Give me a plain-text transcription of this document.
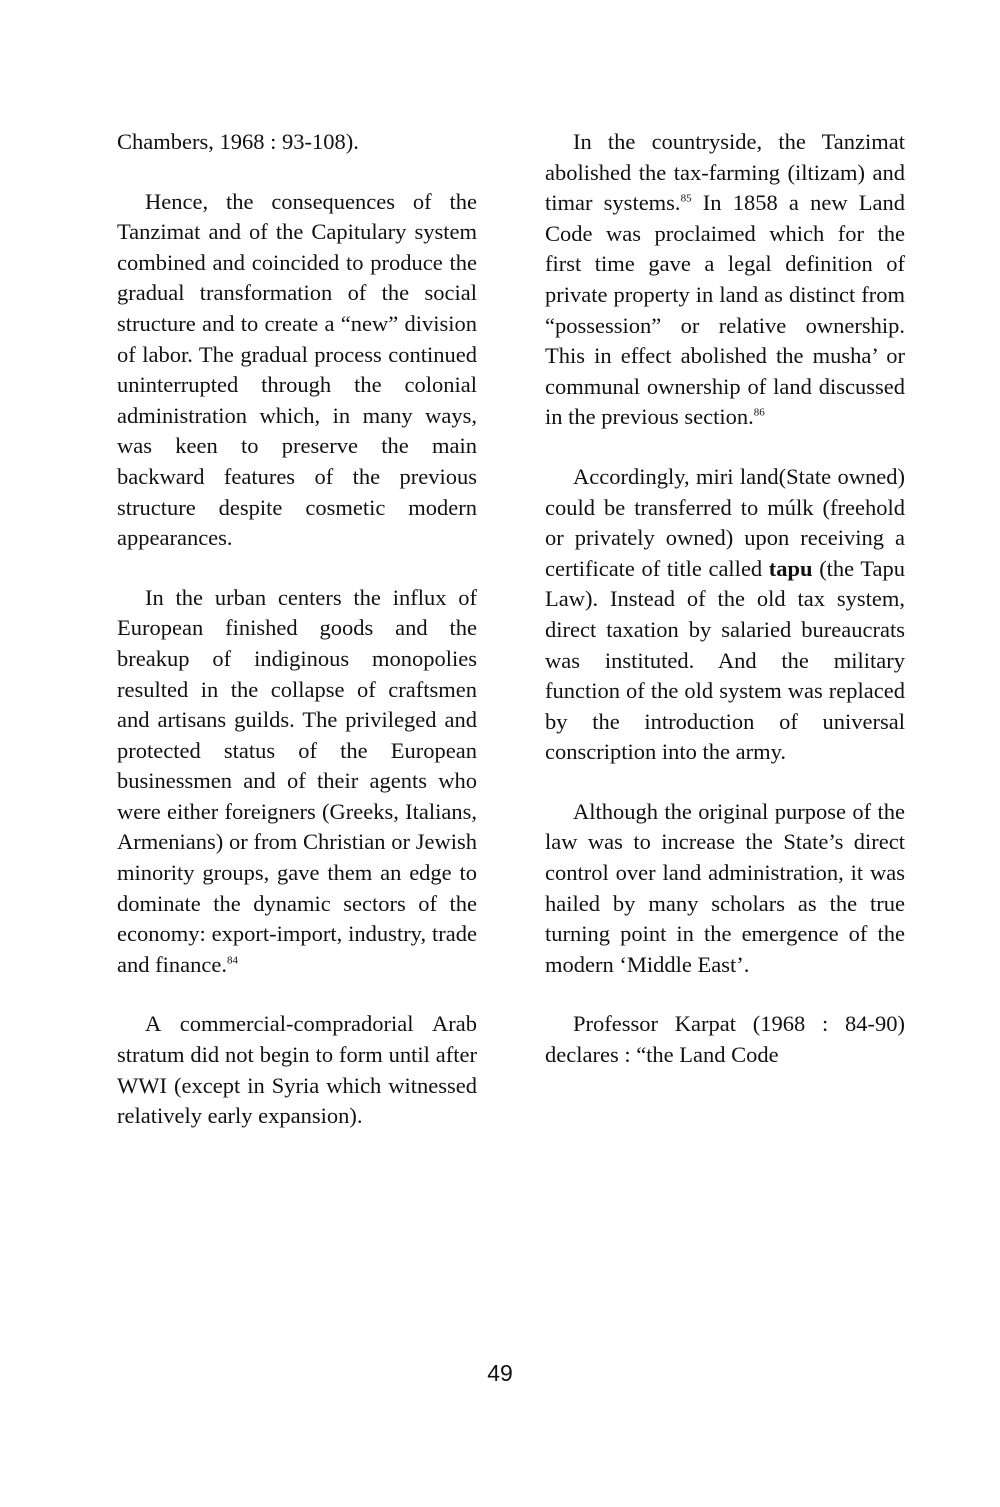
Chambers, 1968 : 93-108).

Hence, the consequences of the Tanzimat and of the Capitulary system combined and coincided to produce the gradual transformation of the social structure and to create a “new” division of labor. The gradual process continued uninterrupted through the colonial administration which, in many ways, was keen to preserve the main backward features of the previous structure despite cosmetic modern appearances.

In the urban centers the influx of European finished goods and the breakup of indiginous monopolies resulted in the collapse of craftsmen and artisans guilds. The privileged and protected status of the European businessmen and of their agents who were either foreigners (Greeks, Italians, Armenians) or from Christian or Jewish minority groups, gave them an edge to dominate the dynamic sectors of the economy: export-import, industry, trade and finance.$^{84}$

A commercial-compradorial Arab stratum did not begin to form until after WWI (except in Syria which witnessed relatively early expansion).

In the countryside, the Tanzimat abolished the tax-farming (iltizam) and timar systems.$^{85}$ In 1858 a new Land Code was proclaimed which for the first time gave a legal definition of private property in land as distinct from “possession” or relative ownership. This in effect abolished the musha’ or communal ownership of land discussed in the previous section.$^{86}$

Accordingly, miri land(State owned) could be transferred to múlk (freehold or privately owned) upon receiving a certificate of title called tapu (the Tapu Law). Instead of the old tax system, direct taxation by salaried bureaucrats was instituted. And the military function of the old system was replaced by the introduction of universal conscription into the army.

Although the original purpose of the law was to increase the State’s direct control over land administration, it was hailed by many scholars as the true turning point in the emergence of the modern ‘Middle East’.

Professor Karpat (1968 : 84-90) declares : “the Land Code

49
